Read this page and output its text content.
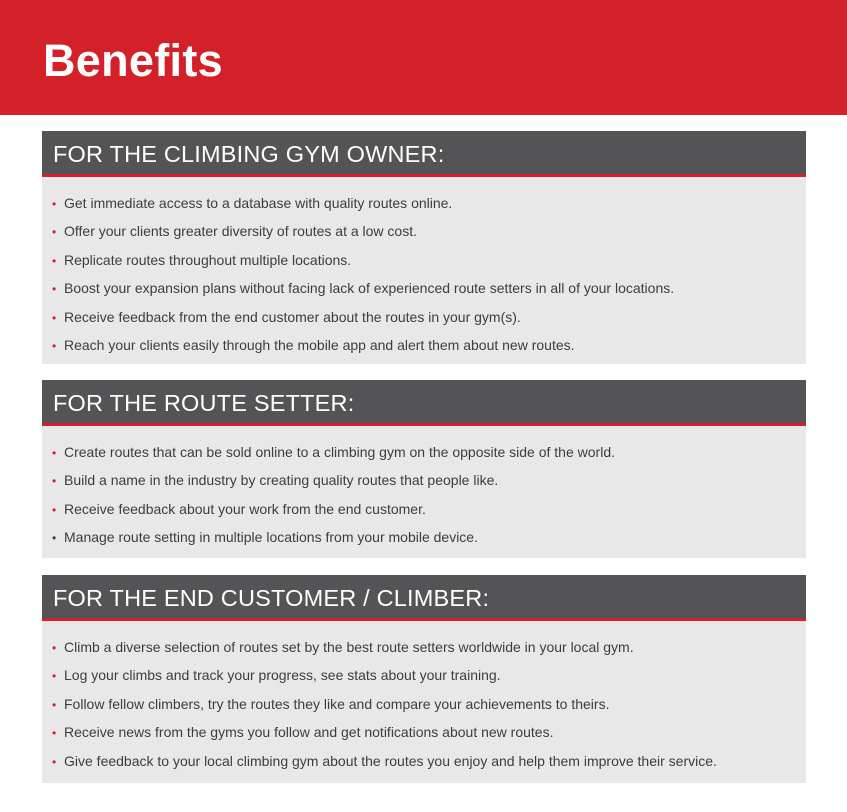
Benefits
FOR THE CLIMBING GYM OWNER:
• Get immediate access to a database with quality routes online.
• Offer your clients greater diversity of routes at a low cost.
• Replicate routes throughout multiple locations.
• Boost your expansion plans without facing lack of experienced route setters in all of your locations.
• Receive feedback from the end customer about the routes in your gym(s).
• Reach your clients easily through the mobile app and alert them about new routes.
FOR THE ROUTE SETTER:
• Create routes that can be sold online to a climbing gym on the opposite side of the world.
• Build a name in the industry by creating quality routes that people like.
• Receive feedback about your work from the end customer.
• Manage route setting in multiple locations from your mobile device.
FOR THE END CUSTOMER / CLIMBER:
• Climb a diverse selection of routes set by the best route setters worldwide in your local gym.
• Log your climbs and track your progress, see stats about your training.
• Follow fellow climbers, try the routes they like and compare your achievements to theirs.
• Receive news from the gyms you follow and get notifications about new routes.
• Give feedback to your local climbing gym about the routes you enjoy and help them improve their service.
